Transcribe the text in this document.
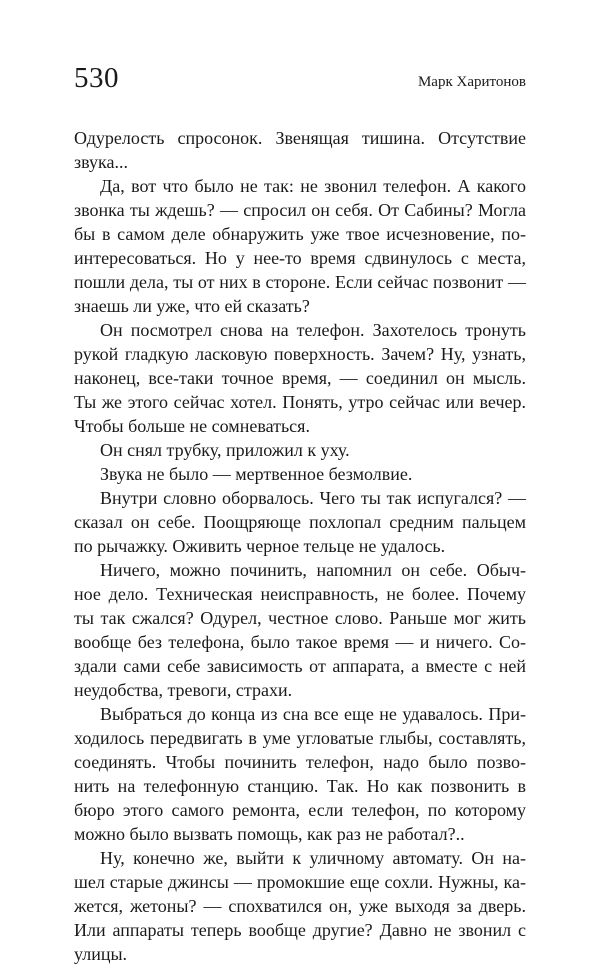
530	Марк Харитонов

Одурелость спросонок. Звенящая тишина. Отсутствие
звука...

Да, вот что было не так: не звонил телефон. А какого
звонка ты ждешь? — спросил он себя. От Сабины? Могла
бы в самом деле обнаружить уже твое исчезновение, по-
интересоваться. Но у нее-то время сдвинулось с места,
пошли дела, ты от них в стороне. Если сейчас позвонит —
знаешь ли уже, что ей сказать?

Он посмотрел снова на телефон. Захотелось тронуть
рукой гладкую ласковую поверхность. Зачем? Ну, узнать,
наконец, все-таки точное время, — соединил он мысль.
Ты же этого сейчас хотел. Понять, утро сейчас или вечер.
Чтобы больше не сомневаться.

Он снял трубку, приложил к уху.

Звука не было — мертвенное безмолвие.

Внутри словно оборвалось. Чего ты так испугался? —
сказал он себе. Поощряюще похлопал средним пальцем
по рычажку. Оживить черное тельце не удалось.

Ничего, можно починить, напомнил он себе. Обыч-
ное дело. Техническая неисправность, не более. Почему
ты так сжался? Одурел, честное слово. Раньше мог жить
вообще без телефона, было такое время — и ничего. Со-
здали сами себе зависимость от аппарата, а вместе с ней
неудобства, тревоги, страхи.

Выбраться до конца из сна все еще не удавалось. При-
ходилось передвигать в уме угловатые глыбы, составлять,
соединять. Чтобы починить телефон, надо было позво-
нить на телефонную станцию. Так. Но как позвонить в
бюро этого самого ремонта, если телефон, по которому
можно было вызвать помощь, как раз не работал?..

Ну, конечно же, выйти к уличному автомату. Он на-
шел старые джинсы — промокшие еще сохли. Нужны, ка-
жется, жетоны? — спохватился он, уже выходя за дверь.
Или аппараты теперь вообще другие? Давно не звонил с
улицы.
